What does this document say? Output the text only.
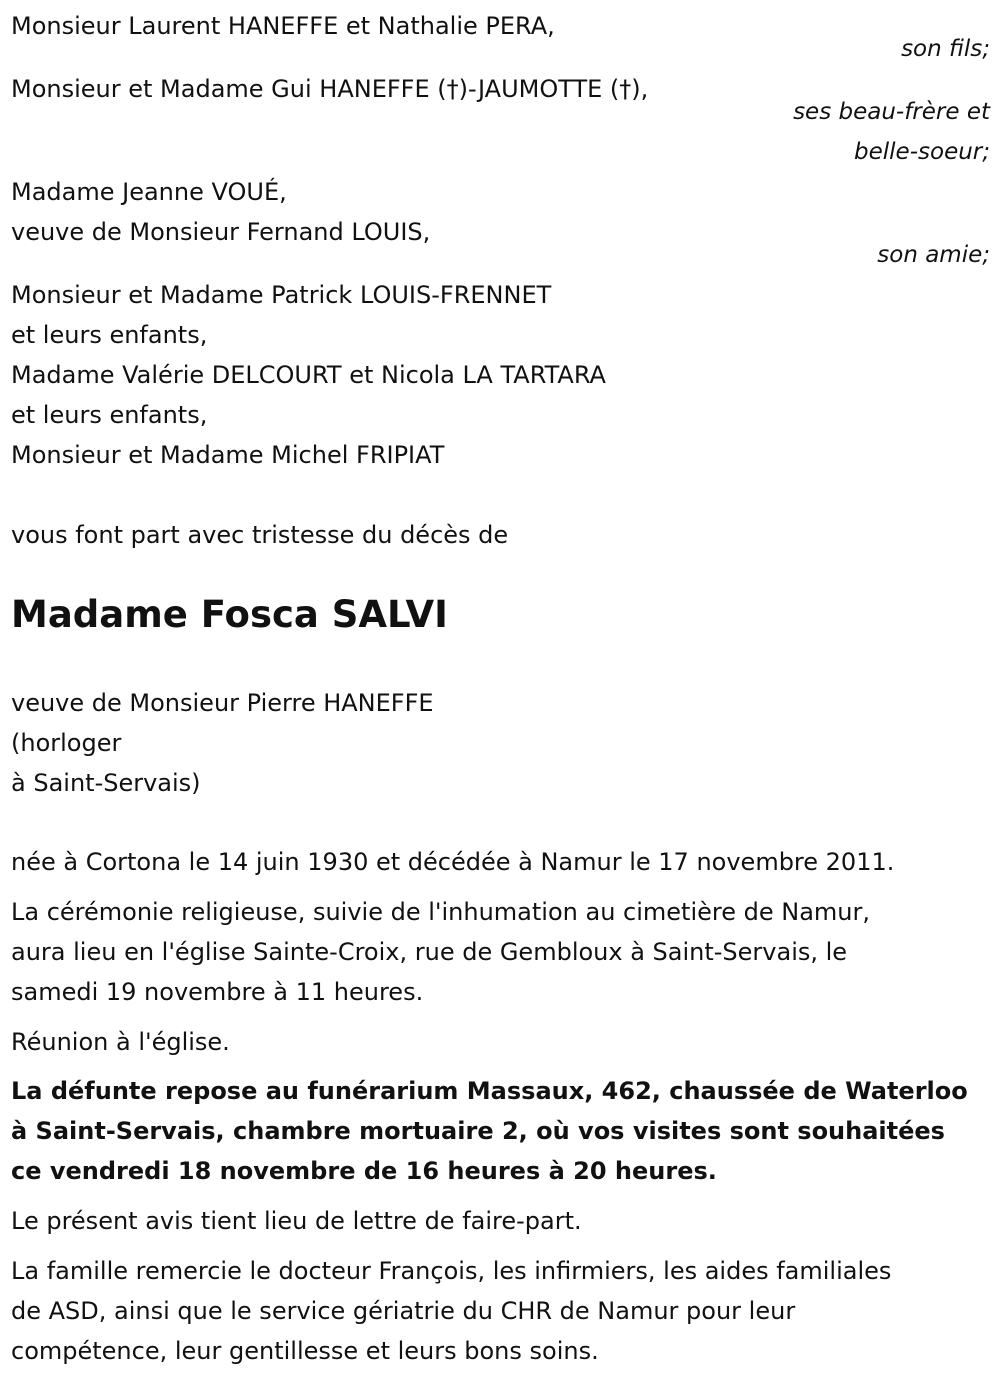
Monsieur Laurent HANEFFE et Nathalie PERA,
son fils;
Monsieur et Madame Gui HANEFFE (†)-JAUMOTTE (†),
ses beau-frère et
belle-soeur;
Madame Jeanne VOUÉ,
veuve de Monsieur Fernand LOUIS,
son amie;
Monsieur et Madame Patrick LOUIS-FRENNET
et leurs enfants,
Madame Valérie DELCOURT et Nicola LA TARTARA
et leurs enfants,
Monsieur et Madame Michel FRIPIAT
vous font part avec tristesse du décès de
Madame Fosca SALVI
veuve de Monsieur Pierre HANEFFE
(horloger
à Saint-Servais)
née à Cortona le 14 juin 1930 et décédée à Namur le 17 novembre 2011.
La cérémonie religieuse, suivie de l'inhumation au cimetière de Namur,
aura lieu en l'église Sainte-Croix, rue de Gembloux à Saint-Servais, le
samedi 19 novembre à 11 heures.
Réunion à l'église.
La défunte repose au funérarium Massaux, 462, chaussée de Waterloo
à Saint-Servais, chambre mortuaire 2, où vos visites sont souhaitées
ce vendredi 18 novembre de 16 heures à 20 heures.
Le présent avis tient lieu de lettre de faire-part.
La famille remercie le docteur François, les infirmiers, les aides familiales
de ASD, ainsi que le service gériatrie du CHR de Namur pour leur
compétence, leur gentillesse et leurs bons soins.
